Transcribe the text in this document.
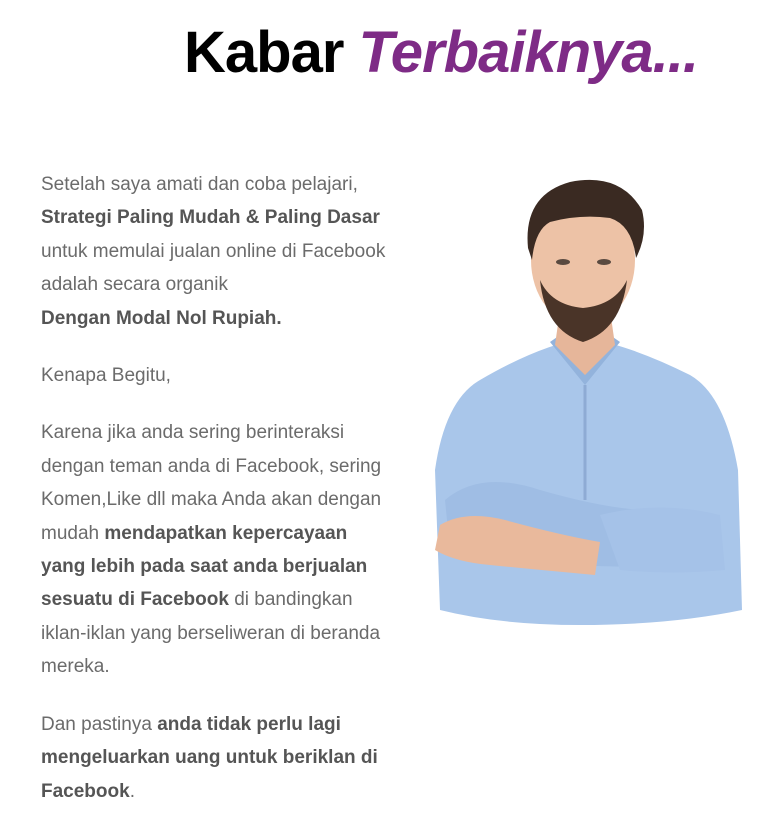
Kabar Terbaiknya...

Setelah saya amati dan coba pelajari,
Strategi Paling Mudah & Paling Dasar untuk memulai jualan online di Facebook adalah secara organik
Dengan Modal Nol Rupiah.

Kenapa Begitu,

Karena jika anda sering berinteraksi dengan teman anda di Facebook, sering Komen,Like dll maka Anda akan dengan mudah mendapatkan kepercayaan yang lebih pada saat anda berjualan sesuatu di Facebook di bandingkan iklan-iklan yang berseliweran di beranda mereka.

Dan pastinya anda tidak perlu lagi mengeluarkan uang untuk beriklan di Facebook.
